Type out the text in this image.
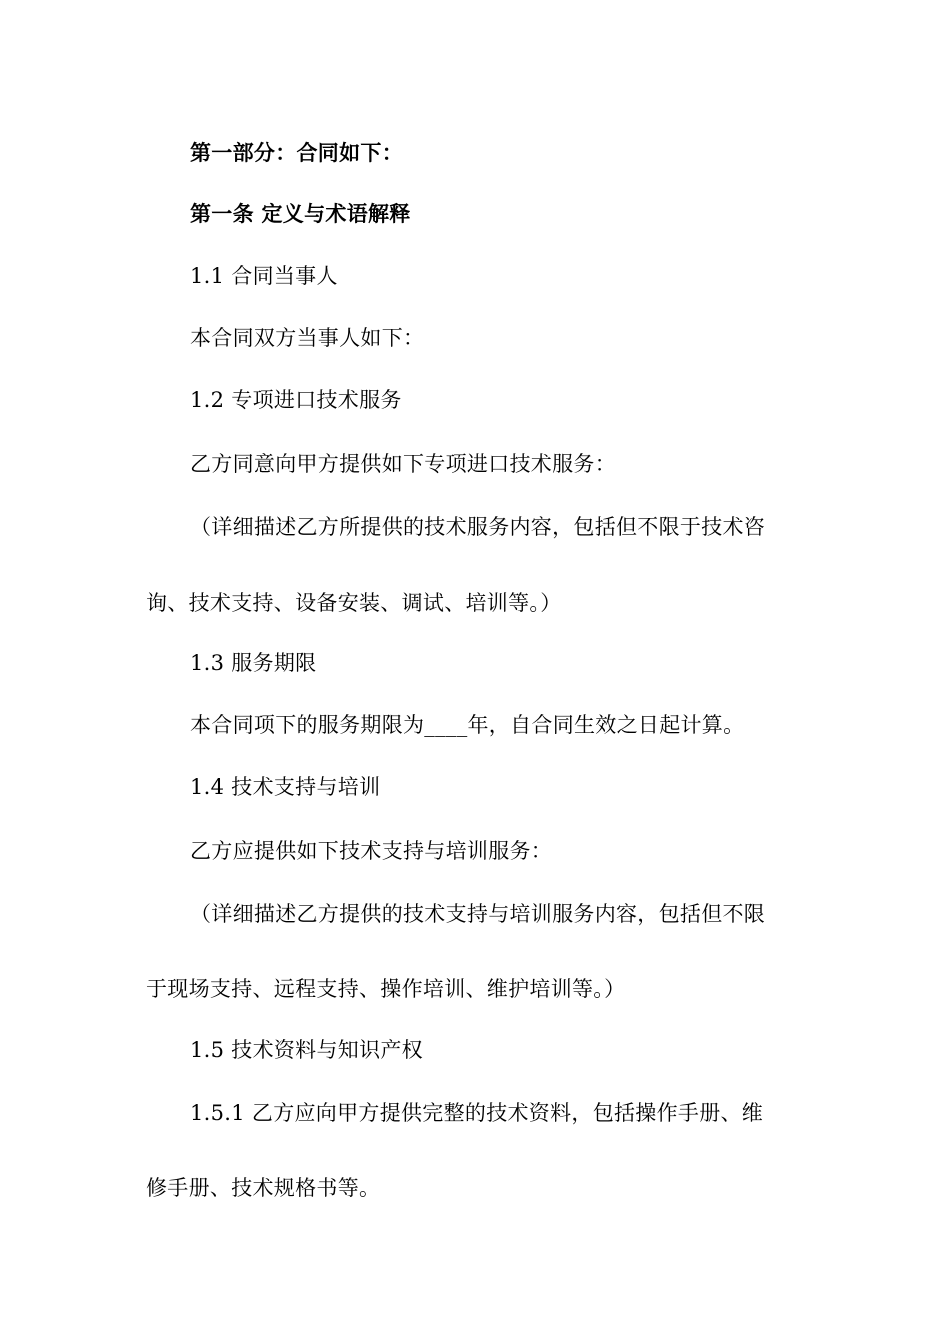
第一部分：合同如下：
第一条 定义与术语解释
1.1 合同当事人
本合同双方当事人如下：
1.2 专项进口技术服务
乙方同意向甲方提供如下专项进口技术服务：
（详细描述乙方所提供的技术服务内容，包括但不限于技术咨
询、技术支持、设备安装、调试、培训等。）
1.3 服务期限
本合同项下的服务期限为____年，自合同生效之日起计算。
1.4 技术支持与培训
乙方应提供如下技术支持与培训服务：
（详细描述乙方提供的技术支持与培训服务内容，包括但不限
于现场支持、远程支持、操作培训、维护培训等。）
1.5 技术资料与知识产权
1.5.1 乙方应向甲方提供完整的技术资料，包括操作手册、维
修手册、技术规格书等。
